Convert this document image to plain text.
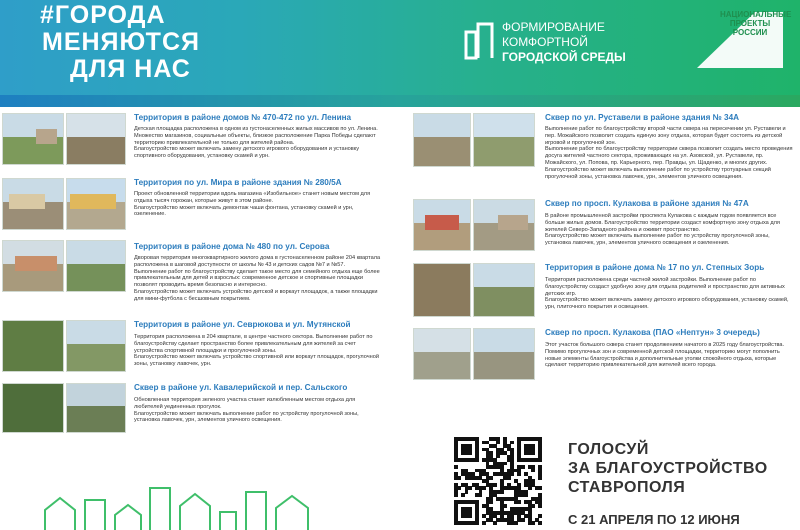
#ГОРОДА
МЕНЯЮТСЯ
ДЛЯ НАС
ФОРМИРОВАНИЕ
КОМФОРТНОЙ
ГОРОДСКОЙ СРЕДЫ
НАЦИОНАЛЬНЫЕ
ПРОЕКТЫ
РОССИИ
Территория в районе домов № 470-472 по ул. Ленина

Детская площадка расположена в одном из густонаселенных жилых массивов по ул. Ленина. Множество магазинов, социальные объекты, близкое расположение Парка Победы сделают территорию привлекательной не только для жителей района.

Благоустройство может включать замену детского игрового оборудования и установку спортивного оборудования, установку скамей и урн.

Территория по ул. Мира в районе здания № 280/5А

Проект обновленной территории вдоль магазина «Изобильное» станет новым местом для отдыха тысяч горожан, которые живут в этом районе.

Благоустройство может включать демонтаж чаши фонтана, установку скамей и урн, озеленение.

Территория в районе дома № 480 по ул. Серова

Дворовая территория многоквартирного жилого дома в густонаселенном районе 204 квартала расположена в шаговой доступности от школы № 43 и детских садов №7 и №57.

Выполнение работ по благоустройству сделает такое место для семейного отдыха еще более привлекательным для детей и взрослых: современное детское и спортивные площадки позволят проводить время безопасно и интересно.

Благоустройство может включать устройство детской и воркаут площадок, а также площадки для мини-футбола с бесшовным покрытием.

Территория в районе ул. Севрюкова и ул. Мутянской

Территория расположена в 204 квартале, в центре частного сектора. Выполнение работ по благоустройству сделает пространство более привлекательным для жителей за счет устройства спортивной площадки и прогулочной зоны.

Благоустройство может включать устройство спортивной или воркаут площадок, прогулочной зоны, установку лавочек, урн.

Сквер в районе ул. Кавалерийской и пер. Сальского

Обновленная территория зеленого участка станет излюбленным местом отдыха для любителей уединенных прогулок.

Благоустройство может включать выполнение работ по устройству прогулочной зоны, установка лавочек, урн, элементов уличного освещения.

Сквер по ул. Руставели в районе здания № 34А

Выполнение работ по благоустройству второй части сквера на пересечении ул. Руставели и пер. Можайского позволит создать единую зону отдыха, которая будет состоять из детской игровой и прогулочной зон.

Выполнение работ по благоустройству территории сквера позволит создать место проведения досуга жителей частного сектора, проживающих на ул. Азовской, ул. Руставели, пр. Можайского, ул. Попова, пр. Карьерного, пер. Правды, ул. Щаденко, и многих других.

Благоустройство может включать выполнение работ по устройству тротуарных секций прогулочной зоны, установка лавочек, урн, элементов уличного освещения.

Сквер по просп. Кулакова в районе здания № 47А

В районе промышленной застройки проспекта Кулакова с каждым годом появляется все больше жилых домов. Благоустройство территории создаст комфортную зону отдыха для жителей Северо-Западного района и оживит пространство.

Благоустройство может включать выполнение работ по устройству прогулочной зоны, установка лавочек, урн, элементов уличного освещения и озеленения.

Территория в районе дома № 17 по ул. Степных Зорь

Территория расположена среди частной жилой застройки. Выполнение работ по благоустройству создаст удобную зону для отдыха родителей и пространство для активных детских игр.

Благоустройство может включать замену детского игрового оборудования, установку скамей, урн, плиточного покрытия и освещения.

Сквер по просп. Кулакова (ПАО «Нептун» 3 очередь)

Этот участок большого сквера станет продолжением начатого в 2025 году благоустройства.

Помимо прогулочных зон и современной детской площадки, территорию могут пополнить новые элементы благоустройства и дополнительные уголки спокойного отдыха, которые сделают территорию привлекательной для жителей всего города.

ГОЛОСУЙ
ЗА БЛАГОУСТРОЙСТВО
СТАВРОПОЛЯ
С 21 АПРЕЛЯ ПО 12 ИЮНЯ
